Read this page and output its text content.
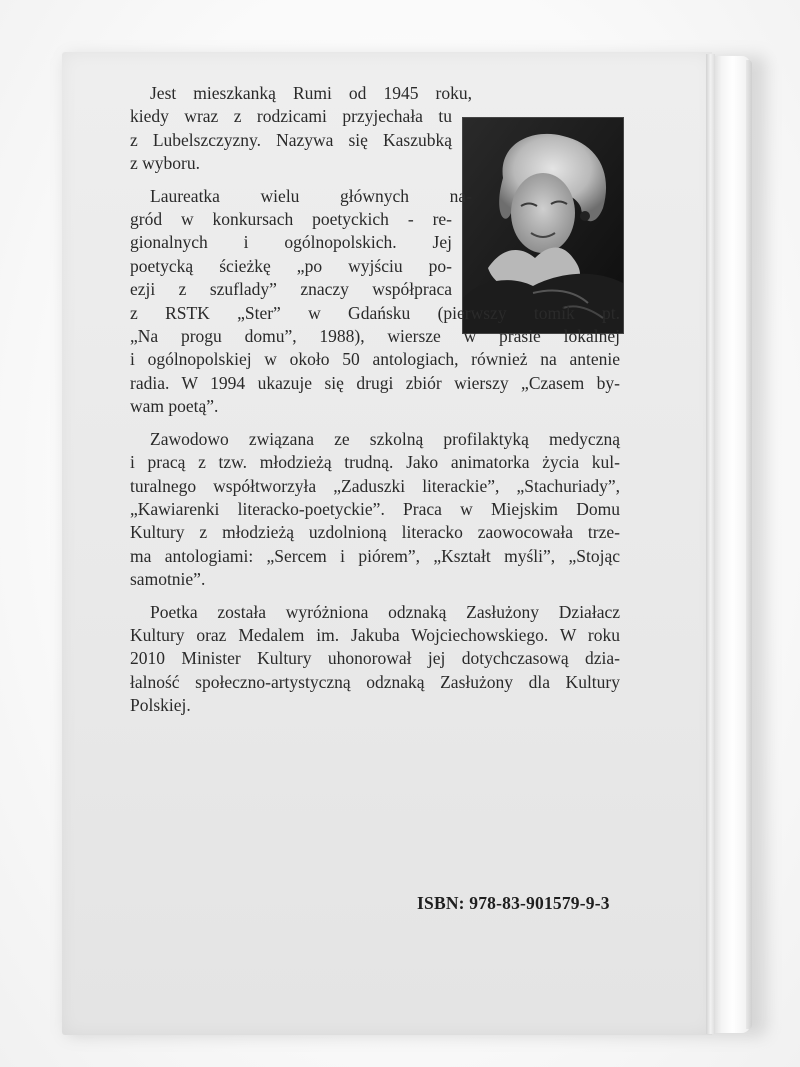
Jest mieszkanką Rumi od 1945 roku,
kiedy wraz z rodzicami przyjechała tu
z Lubelszczyzny. Nazywa się Kaszubką
z wyboru.
Laureatka wielu głównych na-
gród w konkursach poetyckich - re-
gionalnych i ogólnopolskich. Jej
poetycką ścieżkę „po wyjściu po-
ezji z szuflady” znaczy współpraca
z RSTK „Ster” w Gdańsku (pierwszy tomik pt.
„Na progu domu”, 1988), wiersze w prasie lokalnej
i ogólnopolskiej w około 50 antologiach, również na antenie
radia. W 1994 ukazuje się drugi zbiór wierszy „Czasem by-
wam poetą”.
Zawodowo związana ze szkolną profilaktyką medyczną
i pracą z tzw. młodzieżą trudną. Jako animatorka życia kul-
turalnego współtworzyła „Zaduszki literackie”, „Stachuriady”,
„Kawiarenki literacko-poetyckie”. Praca w Miejskim Domu
Kultury z młodzieżą uzdolnioną literacko zaowocowała trze-
ma antologiami: „Sercem i piórem”, „Kształt myśli”, „Stojąc
samotnie”.
Poetka została wyróżniona odznaką Zasłużony Działacz
Kultury oraz Medalem im. Jakuba Wojciechowskiego. W roku
2010 Minister Kultury uhonorował jej dotychczasową dzia-
łalność społeczno-artystyczną odznaką Zasłużony dla Kultury
Polskiej.
ISBN: 978-83-901579-9-3
